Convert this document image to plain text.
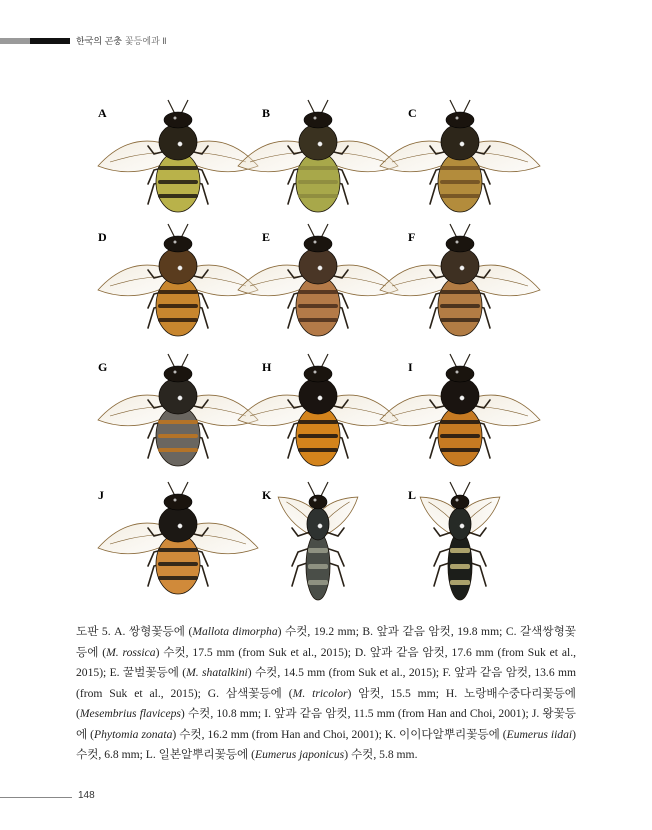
한국의 곤충 꽃등에과 Ⅱ
A	B	C
D	E	F
G	H	I
J	K	L
도판 5. A. 쌍형꽃등에 (Mallota dimorpha) 수컷, 19.2 mm; B. 앞과 같음 암컷, 19.8 mm; C. 갈색쌍형꽃등에 (M. rossica) 수컷, 17.5 mm (from Suk et al., 2015); D. 앞과 같음 암컷, 17.6 mm (from Suk et al., 2015); E. 꿀벌꽃등에 (M. shatalkini) 수컷, 14.5 mm (from Suk et al., 2015); F. 앞과 같음 암컷, 13.6 mm (from Suk et al., 2015); G. 삼색꽃등에 (M. tricolor) 암컷, 15.5 mm; H. 노랑배수중다리꽃등에 (Mesembrius flaviceps) 수컷, 10.8 mm; I. 앞과 같음 암컷, 11.5 mm (from Han and Choi, 2001); J. 왕꽃등에 (Phytomia zonata) 수컷, 16.2 mm (from Han and Choi, 2001); K. 이이다알뿌리꽃등에 (Eumerus iidai) 수컷, 6.8 mm; L. 일본알뿌리꽃등에 (Eumerus japonicus) 수컷, 5.8 mm.
148
